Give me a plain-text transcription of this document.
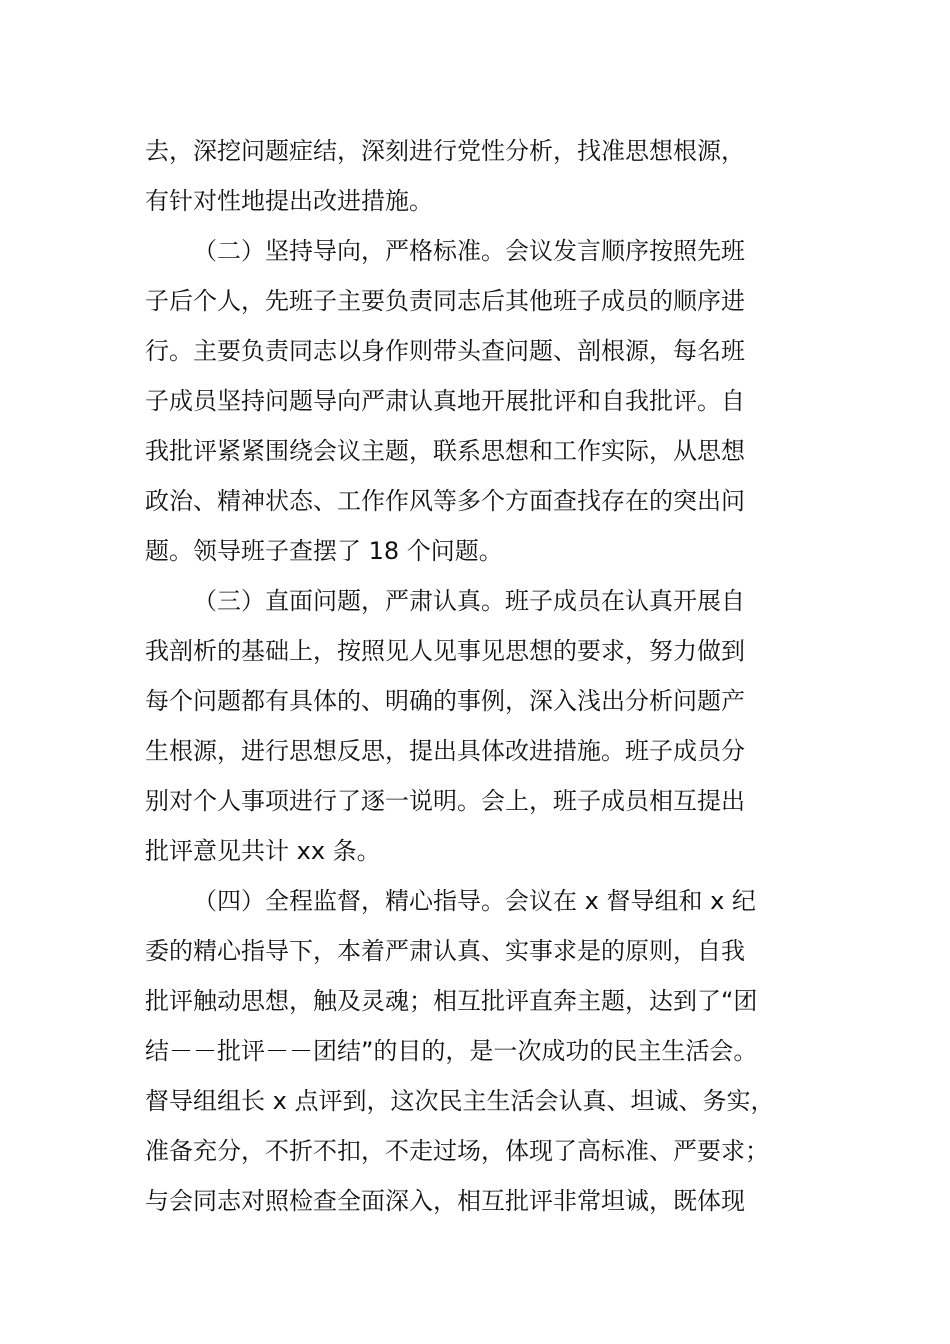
去，深挖问题症结，深刻进行党性分析，找准思想根源，
有针对性地提出改进措施。
（二）坚持导向，严格标准。会议发言顺序按照先班
子后个人，先班子主要负责同志后其他班子成员的顺序进
行。主要负责同志以身作则带头查问题、剖根源，每名班
子成员坚持问题导向严肃认真地开展批评和自我批评。自
我批评紧紧围绕会议主题，联系思想和工作实际，从思想
政治、精神状态、工作作风等多个方面查找存在的突出问
题。领导班子查摆了 18 个问题。
（三）直面问题，严肃认真。班子成员在认真开展自
我剖析的基础上，按照见人见事见思想的要求，努力做到
每个问题都有具体的、明确的事例，深入浅出分析问题产
生根源，进行思想反思，提出具体改进措施。班子成员分
别对个人事项进行了逐一说明。会上，班子成员相互提出
批评意见共计 xx 条。
（四）全程监督，精心指导。会议在 x 督导组和 x 纪
委的精心指导下，本着严肃认真、实事求是的原则，自我
批评触动思想，触及灵魂；相互批评直奔主题，达到了“团
结－－批评－－团结”的目的，是一次成功的民主生活会。
督导组组长 x 点评到，这次民主生活会认真、坦诚、务实，
准备充分，不折不扣，不走过场，体现了高标准、严要求；
与会同志对照检查全面深入，相互批评非常坦诚，既体现
